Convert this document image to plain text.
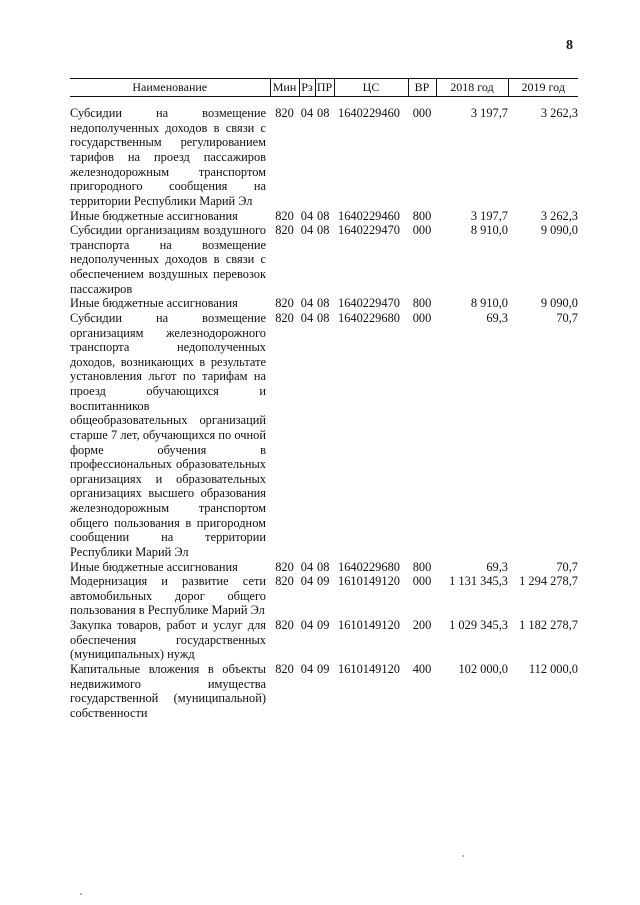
8
Наименование	Мин	Рз	ПР	ЦС	ВР	2018 год	2019 год
Субсидии на возмещение недополученных доходов в связи с государственным регулированием тарифов на проезд пассажиров железнодорожным транспортом пригородного сообщения на территории Республики Марий Эл	820	04	08	1640229460	000	3 197,7	3 262,3
Иные бюджетные ассигнования	820	04	08	1640229460	800	3 197,7	3 262,3
Субсидии организациям воздушного транспорта на возмещение недополученных доходов в связи с обеспечением воздушных перевозок пассажиров	820	04	08	1640229470	000	8 910,0	9 090,0
Иные бюджетные ассигнования	820	04	08	1640229470	800	8 910,0	9 090,0
Субсидии на возмещение организациям железнодорожного транспорта недополученных доходов, возникающих в результате установления льгот по тарифам на проезд обучающихся и воспитанников общеобразовательных организаций старше 7 лет, обучающихся по очной форме обучения в профессиональных образовательных организациях и образовательных организациях высшего образования железнодорожным транспортом общего пользования в пригородном сообщении на территории Республики Марий Эл	820	04	08	1640229680	000	69,3	70,7
Иные бюджетные ассигнования	820	04	08	1640229680	800	69,3	70,7
Модернизация и развитие сети автомобильных дорог общего пользования в Республике Марий Эл	820	04	09	1610149120	000	1 131 345,3	1 294 278,7
Закупка товаров, работ и услуг для обеспечения государственных (муниципальных) нужд	820	04	09	1610149120	200	1 029 345,3	1 182 278,7
Капитальные вложения в объекты недвижимого имущества государственной (муниципальной) собственности	820	04	09	1610149120	400	102 000,0	112 000,0
